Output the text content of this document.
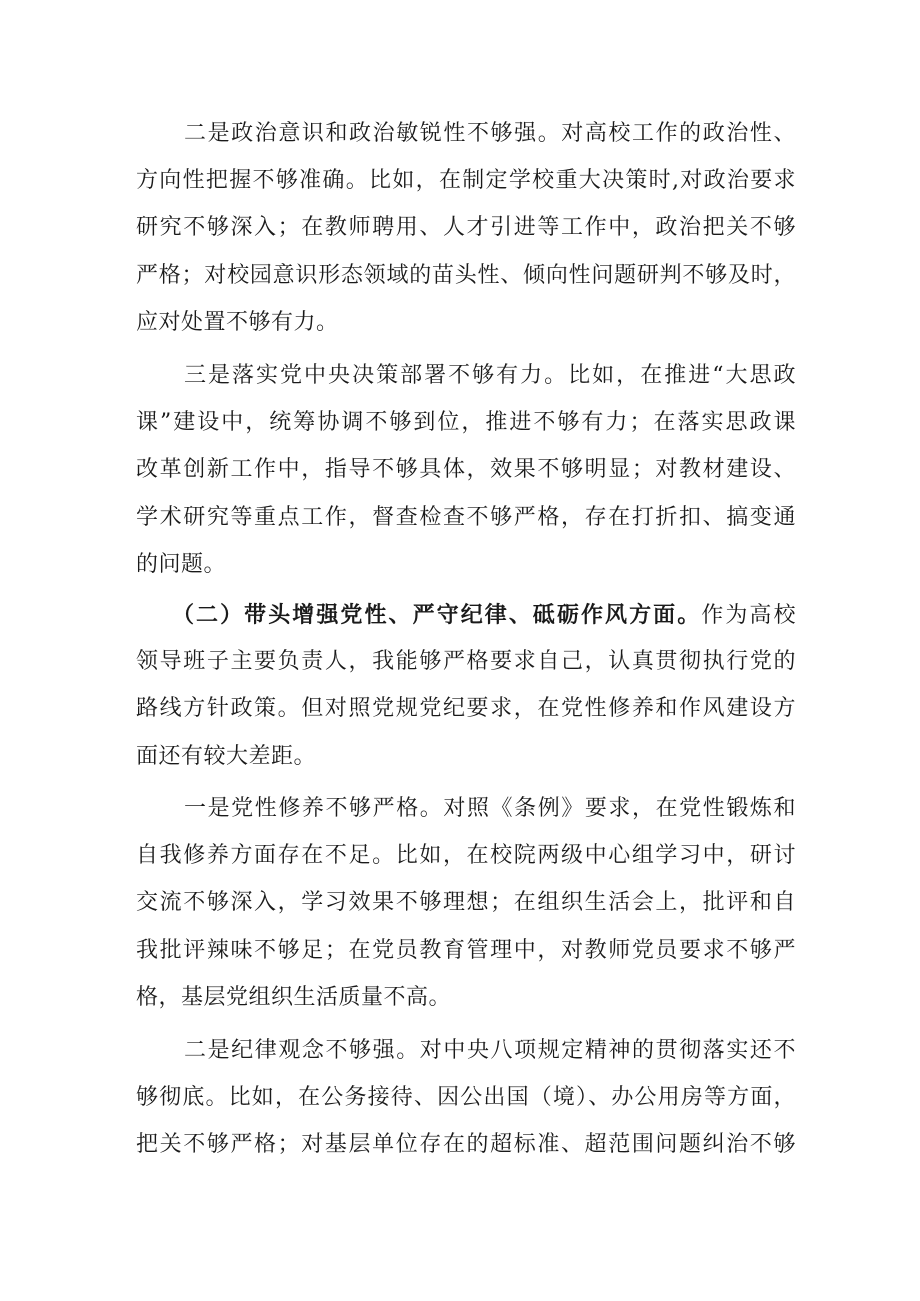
二是政治意识和政治敏锐性不够强。对高校工作的政治性、
方向性把握不够准确。比如，在制定学校重大决策时,对政治要求
研究不够深入；在教师聘用、人才引进等工作中，政治把关不够
严格；对校园意识形态领域的苗头性、倾向性问题研判不够及时，
应对处置不够有力。
三是落实党中央决策部署不够有力。比如，在推进“大思政
课”建设中，统筹协调不够到位，推进不够有力；在落实思政课
改革创新工作中，指导不够具体，效果不够明显；对教材建设、
学术研究等重点工作，督查检查不够严格，存在打折扣、搞变通
的问题。
（二）带头增强党性、严守纪律、砥砺作风方面。作为高校
领导班子主要负责人，我能够严格要求自己，认真贯彻执行党的
路线方针政策。但对照党规党纪要求，在党性修养和作风建设方
面还有较大差距。
一是党性修养不够严格。对照《条例》要求，在党性锻炼和
自我修养方面存在不足。比如，在校院两级中心组学习中，研讨
交流不够深入，学习效果不够理想；在组织生活会上，批评和自
我批评辣味不够足；在党员教育管理中，对教师党员要求不够严
格，基层党组织生活质量不高。
二是纪律观念不够强。对中央八项规定精神的贯彻落实还不
够彻底。比如，在公务接待、因公出国（境）、办公用房等方面，
把关不够严格；对基层单位存在的超标准、超范围问题纠治不够
